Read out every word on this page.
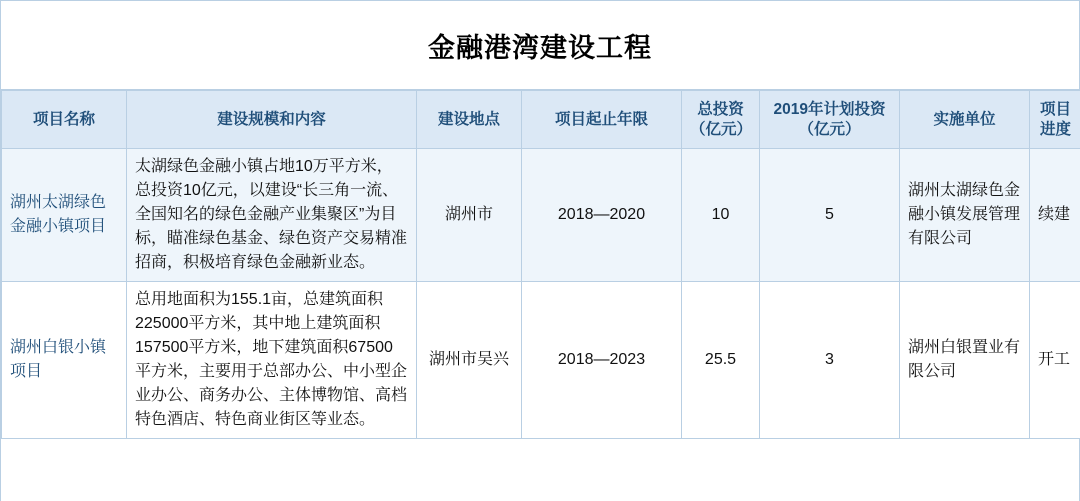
金融港湾建设工程
项目名称	建设规模和内容	建设地点	项目起止年限	总投资（亿元）	2019年计划投资（亿元）	实施单位	项目进度
湖州太湖绿色金融小镇项目	太湖绿色金融小镇占地10万平方米，总投资10亿元，以建设“长三角一流、全国知名的绿色金融产业集聚区”为目标，瞄准绿色基金、绿色资产交易精准招商，积极培育绿色金融新业态。	湖州市	2018—2020	10	5	湖州太湖绿色金融小镇发展管理有限公司	续建
湖州白银小镇项目	总用地面积为155.1亩，总建筑面积225000平方米，其中地上建筑面积157500平方米，地下建筑面积67500平方米，主要用于总部办公、中小型企业办公、商务办公、主体博物馆、高档特色酒店、特色商业街区等业态。	湖州市吴兴	2018—2023	25.5	3	湖州白银置业有限公司	开工
